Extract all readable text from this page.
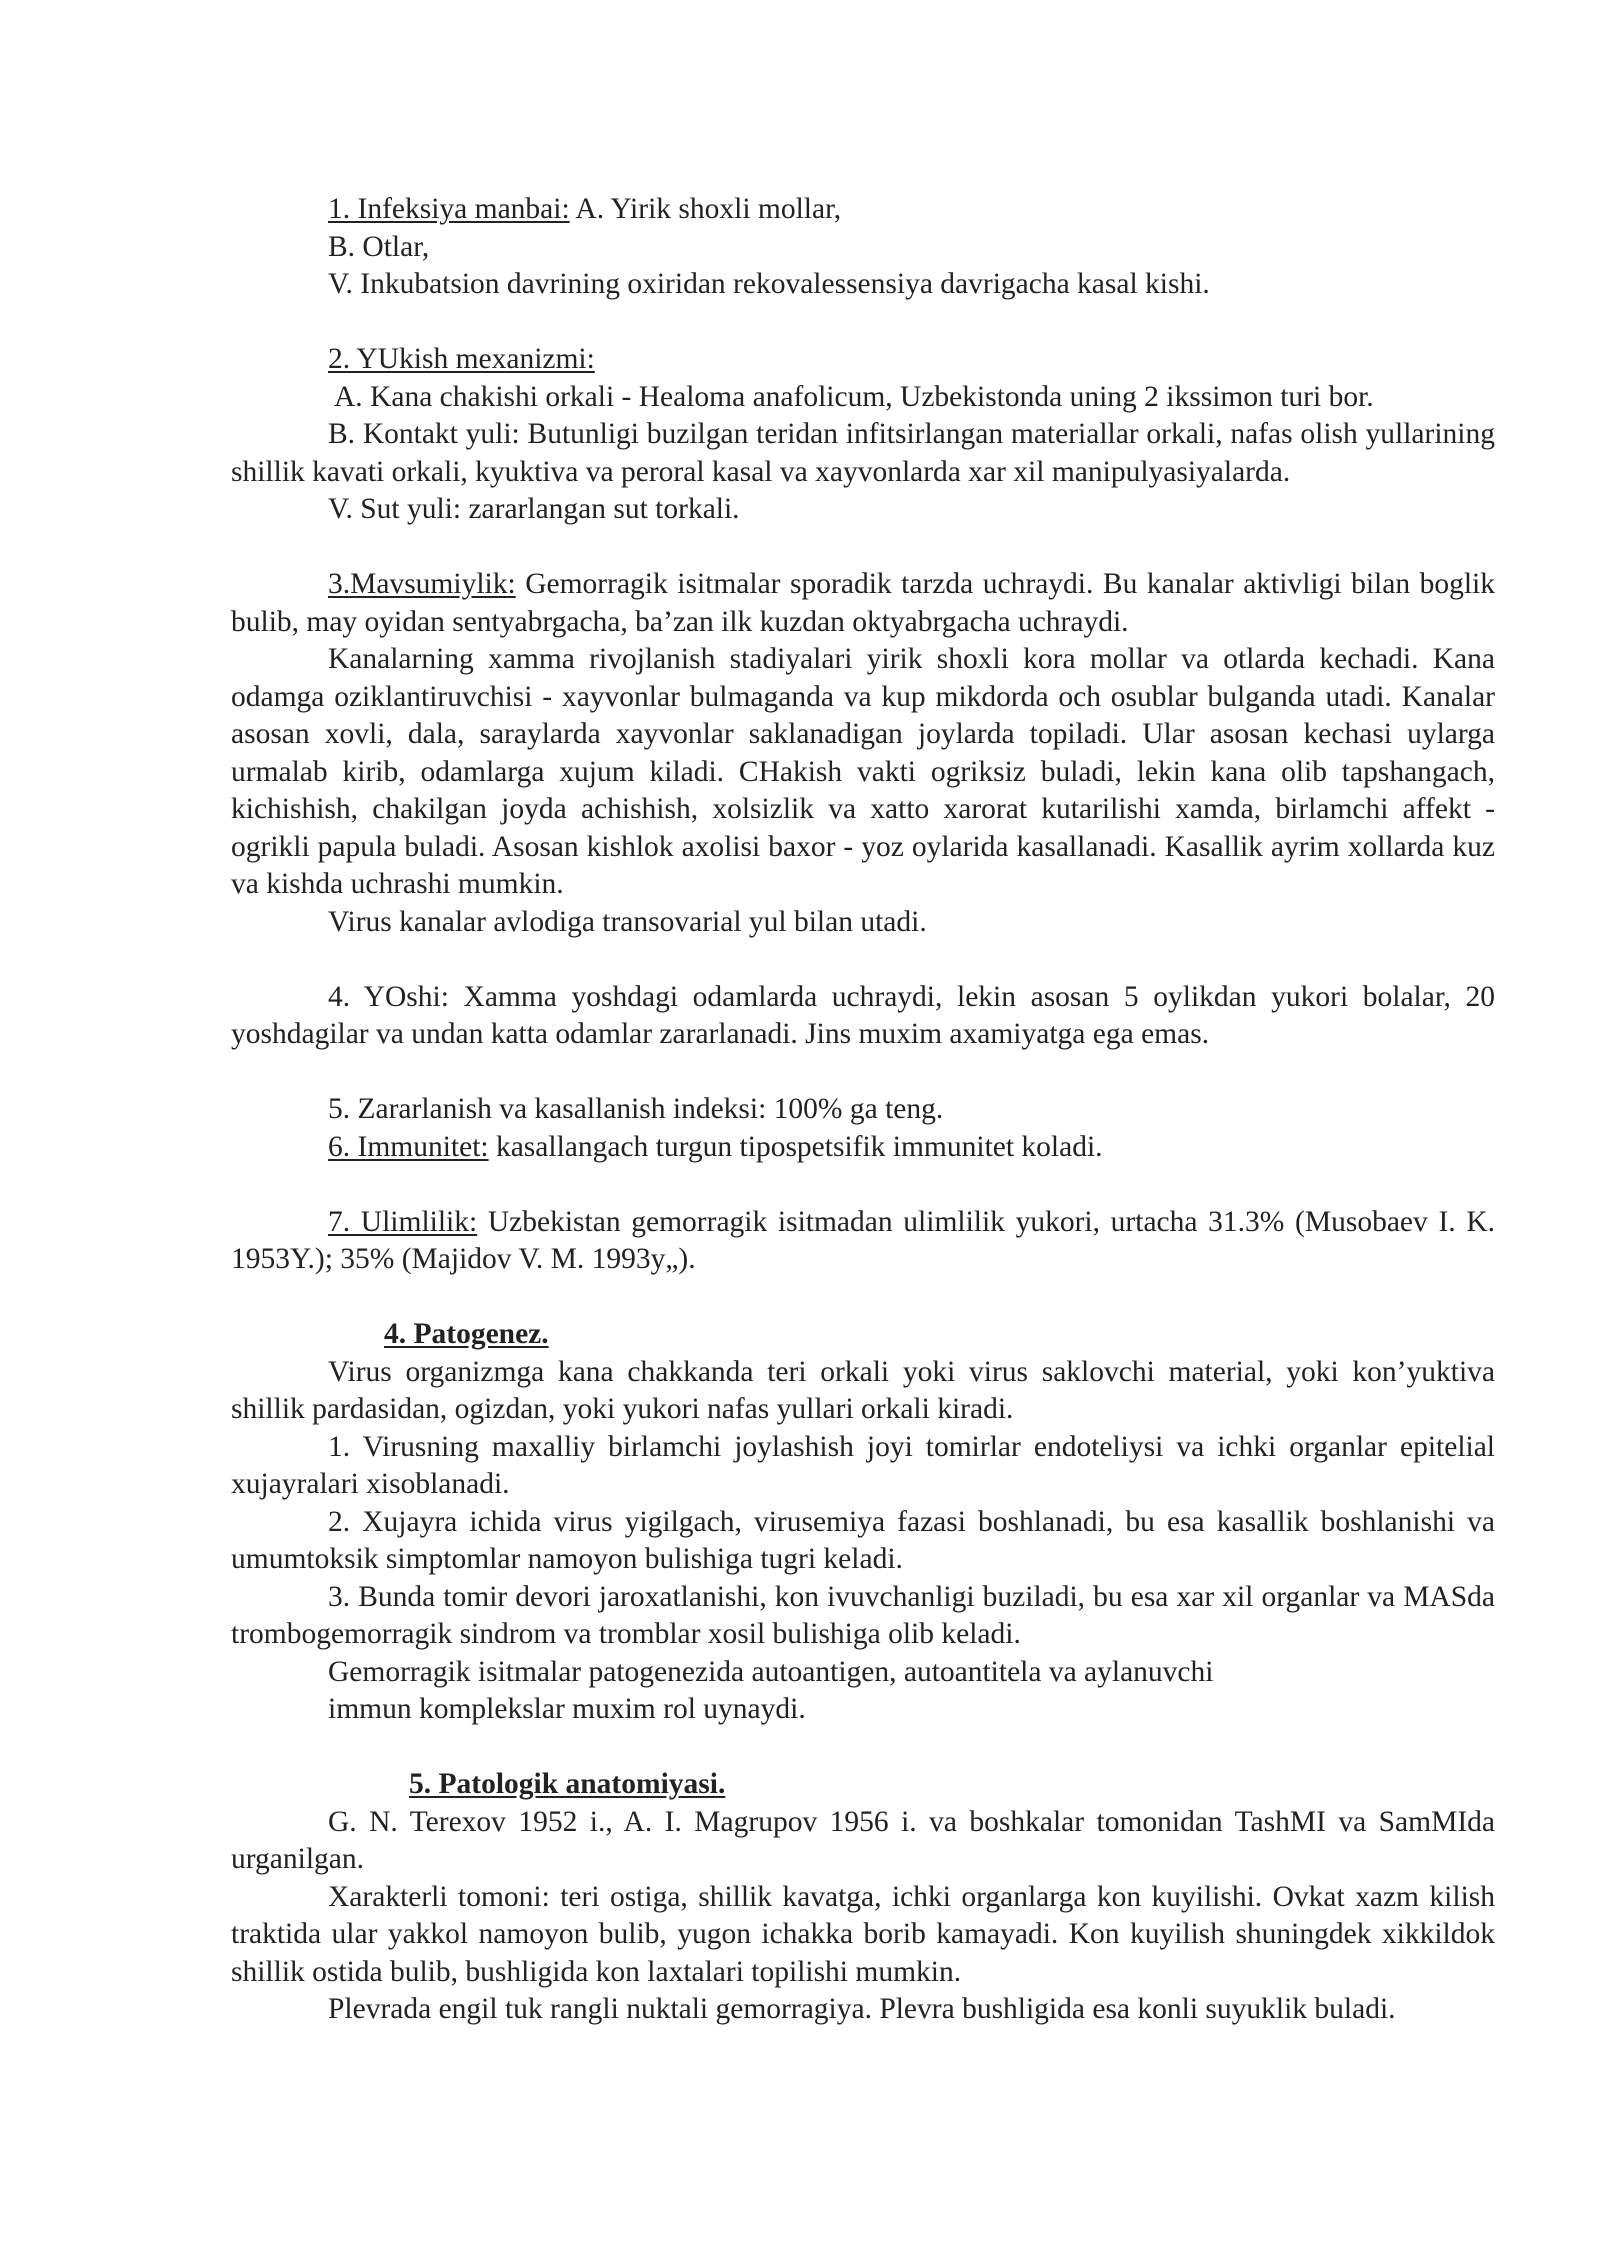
1. Infeksiya manbai: A. Yirik shoxli mollar,

B. Otlar,

V. Inkubatsion davrining oxiridan rekovalessensiya davrigacha kasal kishi.

2. YUkish mexanizmi:

A. Kana chakishi orkali - Healoma anafolicum, Uzbekistonda uning 2 ikssimon turi bor.

B. Kontakt yuli: Butunligi buzilgan teridan infitsirlangan materiallar orkali, nafas olish yullarining shillik kavati orkali, kyuktiva va peroral kasal va xayvonlarda xar xil manipulyasiyalarda.

V. Sut yuli: zararlangan sut torkali.

3.Mavsumiylik: Gemorragik isitmalar sporadik tarzda uchraydi. Bu kanalar aktivligi bilan boglik bulib, may oyidan sentyabrgacha, ba’zan ilk kuzdan oktyabrgacha uchraydi.

Kanalarning xamma rivojlanish stadiyalari yirik shoxli kora mollar va otlarda kechadi. Kana odamga oziklantiruvchisi - xayvonlar bulmaganda va kup mikdorda och osublar bulganda utadi. Kanalar asosan xovli, dala, saraylarda xayvonlar saklanadigan joylarda topiladi. Ular asosan kechasi uylarga urmalab kirib, odamlarga xujum kiladi. CHakish vakti ogriksiz buladi, lekin kana olib tapshangach, kichishish, chakilgan joyda achishish, xolsizlik va xatto xarorat kutarilishi xamda, birlamchi affekt - ogrikli papula buladi. Asosan kishlok axolisi baxor - yoz oylarida kasallanadi. Kasallik ayrim xollarda kuz va kishda uchrashi mumkin.

Virus kanalar avlodiga transovarial yul bilan utadi.

4. YOshi: Xamma yoshdagi odamlarda uchraydi, lekin asosan 5 oylikdan yukori bolalar, 20 yoshdagilar va undan katta odamlar zararlanadi. Jins muxim axamiyatga ega emas.

5. Zararlanish va kasallanish indeksi: 100% ga teng.

6. Immunitet: kasallangach turgun tipospetsifik immunitet koladi.

7. Ulimlilik: Uzbekistan gemorragik isitmadan ulimlilik yukori, urtacha 31.3% (Musobaev I. K. 1953Y.); 35% (Majidov V. M. 1993y„).

4. Patogenez.

Virus organizmga kana chakkanda teri orkali yoki virus saklovchi material, yoki kon’yuktiva shillik pardasidan, ogizdan, yoki yukori nafas yullari orkali kiradi.

1. Virusning maxalliy birlamchi joylashish joyi tomirlar endoteliysi va ichki organlar epitelial xujayralari xisoblanadi.

2. Xujayra ichida virus yigilgach, virusemiya fazasi boshlanadi, bu esa kasallik boshlanishi va umumtoksik simptomlar namoyon bulishiga tugri keladi.

3. Bunda tomir devori jaroxatlanishi, kon ivuvchanligi buziladi, bu esa xar xil organlar va MASda trombogemorragik sindrom va tromblar xosil bulishiga olib keladi.

Gemorragik isitmalar patogenezida autoantigen, autoantitela va aylanuvchi

immun komplekslar muxim rol uynaydi.

5. Patologik anatomiyasi.

G. N. Terexov 1952 i., A. I. Magrupov 1956 i. va boshkalar tomonidan TashMI va SamMIda urganilgan.

Xarakterli tomoni: teri ostiga, shillik kavatga, ichki organlarga kon kuyilishi. Ovkat xazm kilish traktida ular yakkol namoyon bulib, yugon ichakka borib kamayadi. Kon kuyilish shuningdek xikkildok shillik ostida bulib, bushligida kon laxtalari topilishi mumkin.

Plevrada engil tuk rangli nuktali gemorragiya. Plevra bushligida esa konli suyuklik buladi.
